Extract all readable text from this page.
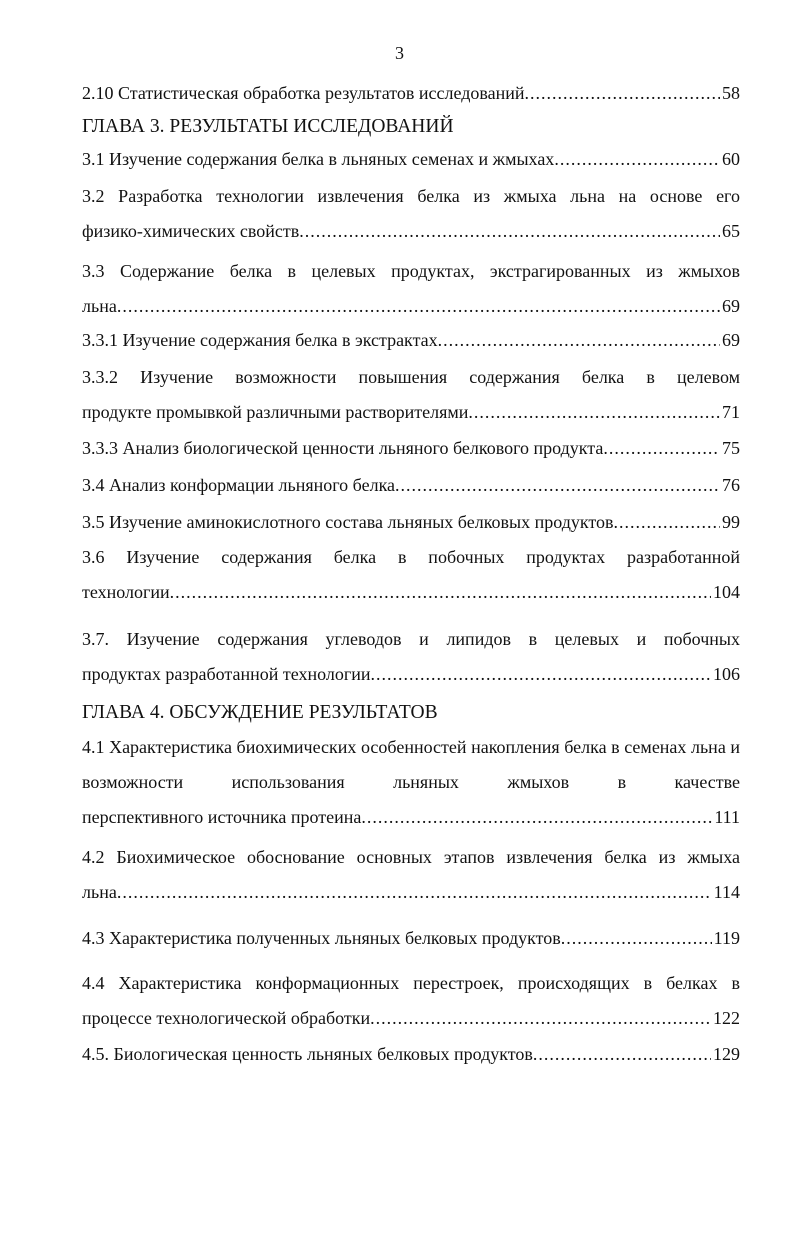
3
2.10 Статистическая обработка результатов исследований .....	58
ГЛАВА 3. РЕЗУЛЬТАТЫ ИССЛЕДОВАНИЙ
3.1 Изучение содержания белка в льняных семенах и жмыхах .....	60

3.2 Разработка технологии извлечения белка из жмыха льна на основе его

физико-химических свойств .....	65

3.3 Содержание белка в целевых продуктах, экстрагированных из жмыхов

льна .....	69
3.3.1 Изучение содержания белка в экстрактах .....	69

3.3.2 Изучение возможности повышения содержания белка в целевом

продукте промывкой различными растворителями .....	71
3.3.3 Анализ биологической ценности льняного белкового продукта .....	75
3.4 Анализ конформации льняного белка .....	76
3.5 Изучение аминокислотного состава льняных белковых продуктов .....	99

3.6 Изучение содержания белка в побочных продуктах разработанной

технологии .....	104

3.7. Изучение содержания углеводов и липидов в целевых и побочных

продуктах разработанной технологии .....	106
ГЛАВА 4. ОБСУЖДЕНИЕ РЕЗУЛЬТАТОВ

4.1 Характеристика биохимических особенностей накопления белка в семенах льна и возможности использования льняных жмыхов в качестве

перспективного источника протеина .....	111

4.2 Биохимическое обоснование основных этапов извлечения белка из жмыха

льна .....	114
4.3 Характеристика полученных льняных белковых продуктов .....	119

4.4 Характеристика конформационных перестроек, происходящих в белках в

процессе технологической обработки .....	122
4.5. Биологическая ценность льняных белковых продуктов .....	129
